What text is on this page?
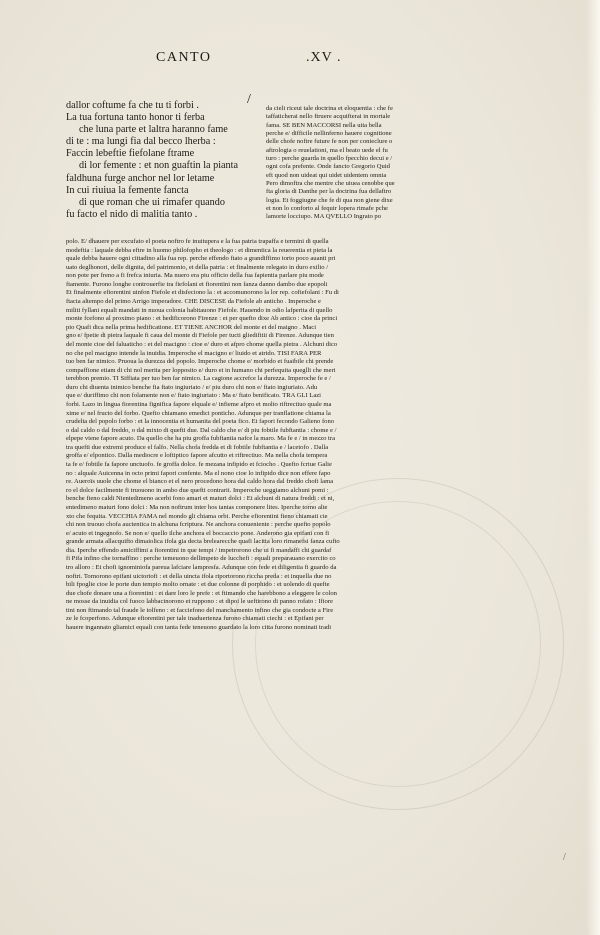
CANTO	.XV .
dallor coftume fa che tu ti forbi .
La tua fortuna tanto honor ti ferba
che luna parte et laltra haranno fame
di te : ma lungi fia dal becco lherba :
Faccin lebeftie fiefolane ftrame
di lor femente : et non guaftin la pianta
faldhuna furge anchor nel lor letame
In cui riuiua la femente fancta
di que roman che ui rimafer quando
fu facto el nido di malitia tanto .
/
da cieli riceui tale doctrina et eloquentia : che fe
taffaticherai nello ftruere acquifterai in mortale
fama. SE BEN MACCORSI nella uita bella
perche e/ difficile nellinferno hauere cognitione
delle chofe noftre future fe non per conieclure o
aftrologia o reuelationi, ma el beato uede el fu
turo : perche guarda in quello fpecchio decui e /
ogni cofa prefente. Onde fancto Gregorio Quid
eft quod non uideat qui uidet uidentem omnia
Pero dimoftra che mentre che uiuea cenobbe que
fta gloria di Danthe per la doctrina fua dellaftro
logia. Et foggiugne che fe di qua non giene dixe
et non lo conforto al fequir lopera rimafe pche
lamorte locciupo. MA QVELLO Ingrato po
polo. E/ dhauere per excufato el poeta noftro fe inuitupera e la fua patria trapaffa e termini di quella
modeftia : laquale debba eftre in huomo philofopho et theologo : et dimentica la reuerentia et pieta la
quale debba hauere ogni cittadino alla fua rep. perche effendo ftato a grandiffimo torto poco auanti pri
uato deglhonori, delle dignita, del patrimonio, et della patria : et finalmente relegato in duro exilio /
non pote per freno a fi frefca iniuria. Ma nuero era piu officio della fua fapientia parlare piu mode
ftamente. Furono longhe controuerfie tra fiefolani et fiorentini non fanza danno dambo due epopoli
Et finalmente efiorentini uinfon Fiefole et disfeciono la : et accomunorono la lor rep. cofiefolani : Fu di
ftacta altempo del primo Arrigo imperadore. CHE DISCESE da Fiefole ab anticho . Imperoche e
militi fyllani equali mandati in nuoua colonia habitauono Fiefole. Hauendo in odio lafperita di quello
monte fcefono al proximo piano : et hedificorono Firenze : et per quefto dixe Ab antico : cioe da princi
pio Quafi dica nella prima hedificatione. ET TIENE ANCHOR del monte et del maigno . Maci
gno e/ fpetie di pietra laquale fi caua del monte di Fiefole per tucti gliedifitii di Firenze. Adunque tien
del monte cioe del faluaticho : et del macigno : cioe e/ duro et afpro chome quella pietra . Alchuni dico
no che pel macigno intende la inuidia. Imperoche el macigno e/ liuido et atrido. TISI FARA PER
tuo ben far nimico. Pruoua la durezza del popolo. Imperoche chome e/ morbido et fuaibile chi prende
compaffione etiam di chi nol merita per lopposito e/ duro et in humano chi perfequita queglli che meri
terebbon premio. TI Siffiata per tuo ben far nimico. La cagione accrefce la durezza. Imperoche fe e /
duro chi diuenta inimico benche fia ftato ingiuriato / e/ piu duro chi non e/ ftato ingiuriato. Adu
que e/ duriffimo chi non folamente non e/ ftato ingiuriato : Ma e/ ftato benificato. TRA GLI Lazi
forbi. Lazo in lingua fiorentina fignifica fapore elquale e/ infieme afpro et molto riftrectiuo quale ma
xime e/ nel fructo del forbo. Quefto chiamano emedici ponticho. Adunque per tranflatione chiama la
crudelta del popolo forbo : et la innocentia et humanita del poeta fico. Et fapori fecondo Galieno fono
o dal caldo o dal freddo, o dal mixto di quefti due. Dal caldo che e/ di piu fobtile fubftantia : chome e /
elpepe viene fapore acuto. Da quello che ha piu groffa fubftantia nafce la maro. Ma fe e / in mezzo tra
tra quefti due extremi produce el falfo. Nella chofa fredda et di fobtile fubftantia e / lacetofo . Dalla
groffa e/ elpontico. Dalla mediocre e loftiptico fapore afcutto et riftrectiuo. Ma nella chofa tempera
ta fe e/ fobtile fa fapore unctuofo. fe groffa dolce. fe mezana infipido et fciocho . Quefto fcriue Galie
no : alquale Auicenna in octo primi fapori confente. Ma el nono cioe lo infipido dice non effere fapo
re. Aueroïs uuole che chome el bianco et el nero procedono hora dal caldo hora dal freddo chofi lama
ro el dolce facilmente fi truouono in ambo due quefti contrarii. Imperoche ueggiamo alchuni pomi :
benche fieno caldi Nientedimeno acerbi fono amari et maturi dolci : Et alchuni di natura freddi : et ni,
entedimeno maturi fono dolci : Ma non noftrum inter hos tantas componere lites. Iperche torno alte
xto che fequita. VECCHIA FAMA nel mondo gli chiama orbi. Perche efiorentini fieno chiamati cie
chi non truouo chofa auctentica in alchuna fcriptura. Ne anchora conueniente : perche quefto popolo
e/ acuto et ingegnofo. Se non e/ quello ilche anchora el boccaccio pone. Anderono gia epifani con fi
grande armata allacquifto dimaiolica ifola gia decta brelearecche quafi lacitta loro rimanefsi fanza cufto
dia. Iperche effendo amiciffimi a fiorentini in que tempi / impetrorono che ui fi mandaffi chi guardaf
fi Pifa infino che tornaffino : perche temeuono dellimpeto de lucchefi : equali preparauano exercito co
tro alloro : Et chofi ignominiofa pareua lafciare lampresfa. Adunque con fede et diligentia fi guardo da
noftri. Tornorono epifani uictoriofi : et della uincta ifola riportorono riccha preda : et inquella due no
bili fpoglie cioe le porte dun tempio molto ornate : et due colonne di porphido : et uolendo di quefte
due chofe donare una a fiorentini : et dare loro le prefe : et ftimando che harebbono a eleggere le colon
ne mosse da inuidia col fuoco labbacinorono et ruppono : et dipoi le ueftirono di panno rofato : Ifiore
tini non ftimando tal fraude le tolfeno : et facciefono del manchamento infino che gia condocte a Fire
ze le fcoperfono. Adunque efiorentini per tale inaduertenza furono chiamati ciechi : et Epifani per
hauere ingannato gliamici equali con tanta fede teneuono guardato la loro citta furono nominati tradi
/
